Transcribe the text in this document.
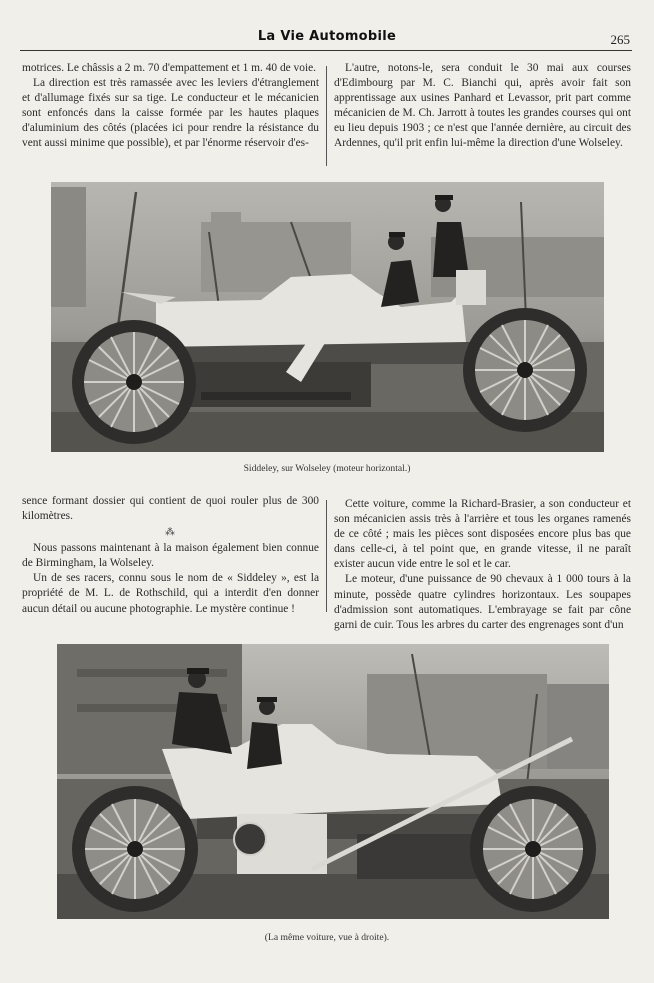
La Vie Automobile	265

motrices. Le châssis a 2 m. 70 d'empattement et 1 m. 40 de voie.

La direction est très ramassée avec les leviers d'étranglement et d'allumage fixés sur sa tige. Le conducteur et le mécanicien sont enfoncés dans la caisse formée par les hautes plaques d'aluminium des côtés (placées ici pour rendre la résistance du vent aussi minime que possible), et par l'énorme réservoir d'es-

L'autre, notons-le, sera conduit le 30 mai aux courses d'Edimbourg par M. C. Bianchi qui, après avoir fait son apprentissage aux usines Panhard et Levassor, prit part comme mécanicien de M. Ch. Jarrott à toutes les grandes courses qui ont eu lieu depuis 1903 ; ce n'est que l'année dernière, au circuit des Ardennes, qu'il prit enfin lui-même la direction d'une Wolseley.

Siddeley, sur Wolseley (moteur horizontal.)

sence formant dossier qui contient de quoi rouler plus de 300 kilomètres.

⁂

Nous passons maintenant à la maison également bien connue de Birmingham, la Wolseley.

Un de ses racers, connu sous le nom de « Siddeley », est la propriété de M. L. de Rothschild, qui a interdit d'en donner aucun détail ou aucune photographie. Le mystère continue !

Cette voiture, comme la Richard-Brasier, a son conducteur et son mécanicien assis très à l'arrière et tous les organes ramenés de ce côté ; mais les pièces sont disposées encore plus bas que dans celle-ci, à tel point que, en grande vitesse, il ne paraît exister aucun vide entre le sol et le car.

Le moteur, d'une puissance de 90 chevaux à 1 000 tours à la minute, possède quatre cylindres horizontaux. Les soupapes d'admission sont automatiques. L'embrayage se fait par cône garni de cuir. Tous les arbres du carter des engrenages sont d'un

(La même voiture, vue à droite).
